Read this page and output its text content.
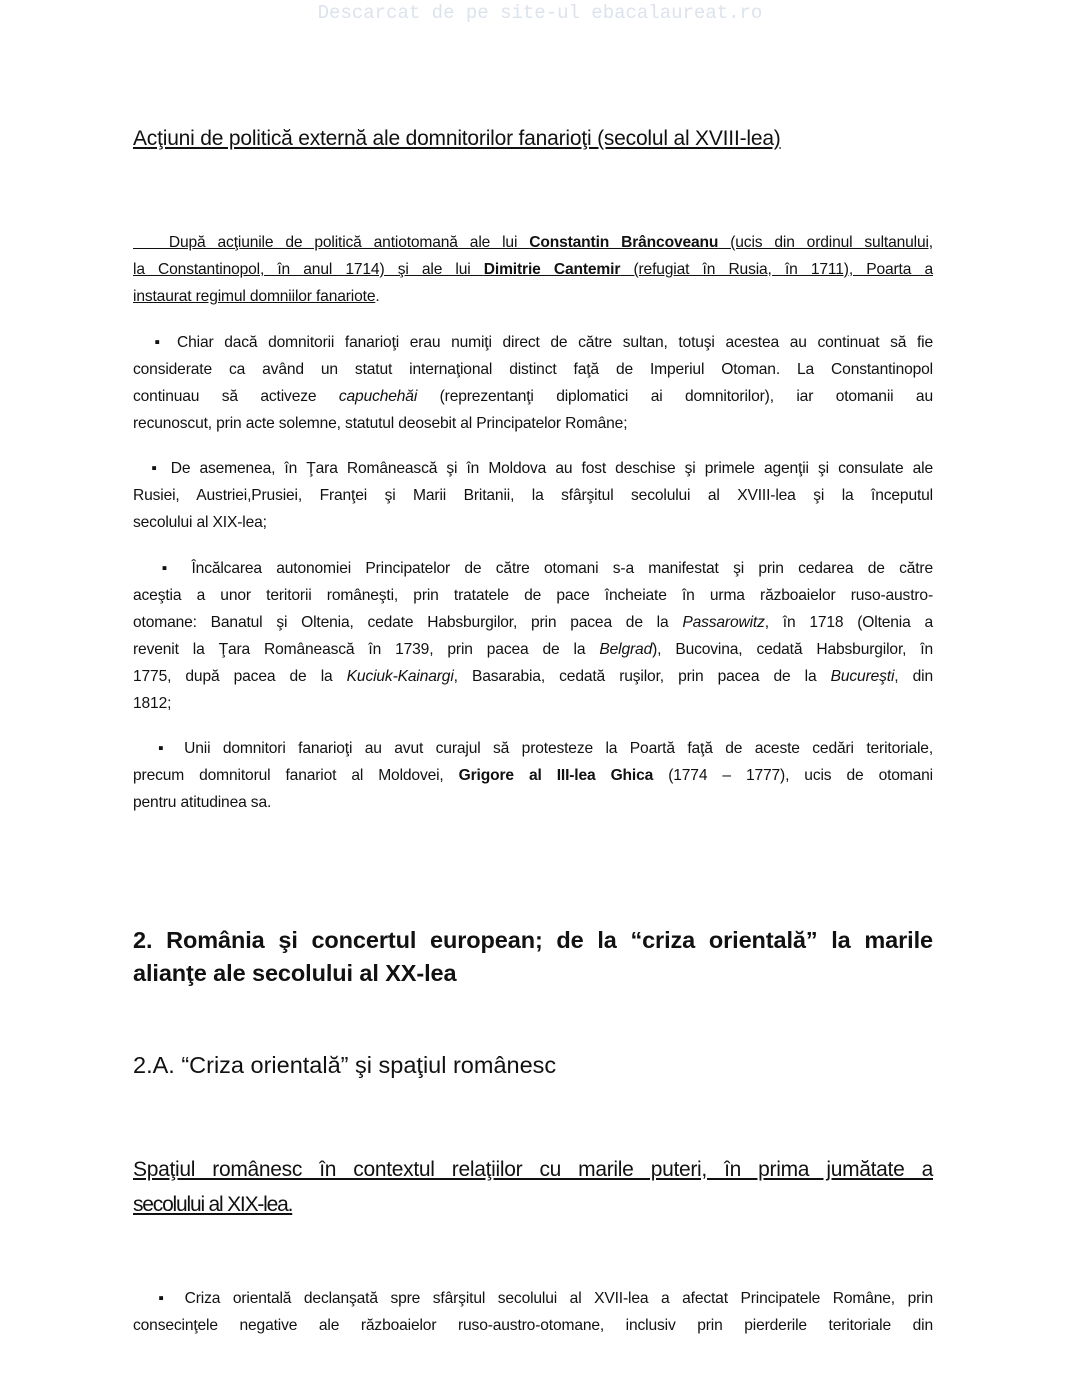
Descarcat de pe site-ul ebacalaureat.ro
Acţiuni de politică externă ale domnitorilor fanarioţi (secolul al XVIII-lea)
După acţiunile de politică antiotomană ale lui Constantin Brâncoveanu (ucis din ordinul sultanului,
la Constantinopol, în anul 1714) şi ale lui Dimitrie Cantemir (refugiat în Rusia, în 1711), Poarta a
instaurat regimul domniilor fanariote.
▪ Chiar dacă domnitorii fanarioţi erau numiţi direct de către sultan, totuşi acestea au continuat să fie
considerate ca având un statut internaţional distinct faţă de Imperiul Otoman. La Constantinopol
continuau să activeze capuchehăi (reprezentanţi diplomatici ai domnitorilor), iar otomanii au
recunoscut, prin acte solemne, statutul deosebit al Principatelor Române;
▪ De asemenea, în Ţara Românească şi în Moldova au fost deschise şi primele agenţii şi consulate ale
Rusiei, Austriei,Prusiei, Franţei şi Marii Britanii, la sfârşitul secolului al XVIII-lea şi la începutul
secolului al XIX-lea;
▪ Încălcarea autonomiei Principatelor de către otomani s-a manifestat şi prin cedarea de către
aceştia a unor teritorii româneşti, prin tratatele de pace încheiate în urma războaielor ruso-austro-
otomane: Banatul şi Oltenia, cedate Habsburgilor, prin pacea de la Passarowitz, în 1718 (Oltenia a
revenit la Ţara Românească în 1739, prin pacea de la Belgrad), Bucovina, cedată Habsburgilor, în
1775, după pacea de la Kuciuk-Kainargi, Basarabia, cedată ruşilor, prin pacea de la Bucureşti, din
1812;
▪ Unii domnitori fanarioţi au avut curajul să protesteze la Poartă faţă de aceste cedări teritoriale,
precum domnitorul fanariot al Moldovei, Grigore al III-lea Ghica (1774 – 1777), ucis de otomani
pentru atitudinea sa.
2. România şi concertul european; de la “criza orientală” la marile
alianţe ale secolului al XX-lea
2.A. “Criza orientală” şi spaţiul românesc
Spaţiul românesc în contextul relaţiilor cu marile puteri, în prima jumătate a
secolului al XIX-lea.
▪ Criza orientală declanşată spre sfârşitul secolului al XVII-lea a afectat Principatele Române, prin
consecinţele negative ale războaielor ruso-austro-otomane, inclusiv prin pierderile teritoriale din
